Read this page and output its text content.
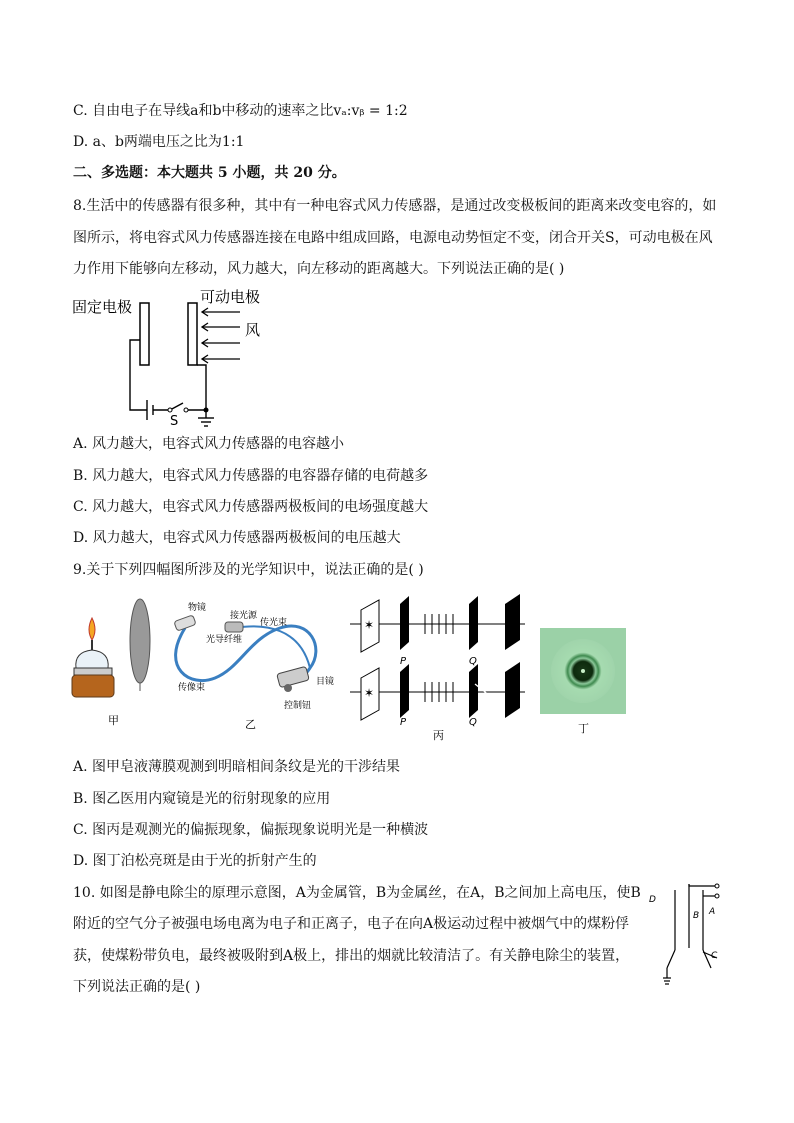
C. 自由电子在导线a和b中移动的速率之比vₐ:vᵦ = 1:2
D. a、b两端电压之比为1:1
二、多选题：本大题共 5 小题，共 20 分。
8.生活中的传感器有很多种，其中有一种电容式风力传感器，是通过改变极板间的距离来改变电容的，如
图所示，将电容式风力传感器连接在电路中组成回路，电源电动势恒定不变，闭合开关S，可动电极在风
力作用下能够向左移动，风力越大，向左移动的距离越大。下列说法正确的是( )
固定电极
可动电极
风
S
A. 风力越大，电容式风力传感器的电容越小
B. 风力越大，电容式风力传感器的电容器存储的电荷越多
C. 风力越大，电容式风力传感器两极板间的电场强度越大
D. 风力越大，电容式风力传感器两极板间的电压越大
9.关于下列四幅图所涉及的光学知识中，说法正确的是( )
甲
物镜
接光源
光导纤维
传光束
传像束
目镜
控制钮
乙
✶
P	Q
✶
P	Q
丙
丁
A. 图甲皂液薄膜观测到明暗相间条纹是光的干涉结果
B. 图乙医用内窥镜是光的衍射现象的应用
C. 图丙是观测光的偏振现象，偏振现象说明光是一种横波
D. 图丁泊松亮斑是由于光的折射产生的
10. 如图是静电除尘的原理示意图，A为金属管，B为金属丝，在A，B之间加上高电压，使B
附近的空气分子被强电场电离为电子和正离子，电子在向A极运动过程中被烟气中的煤粉俘
获，使煤粉带负电，最终被吸附到A极上，排出的烟就比较清洁了。有关静电除尘的装置，
下列说法正确的是( )
D
B A
C
